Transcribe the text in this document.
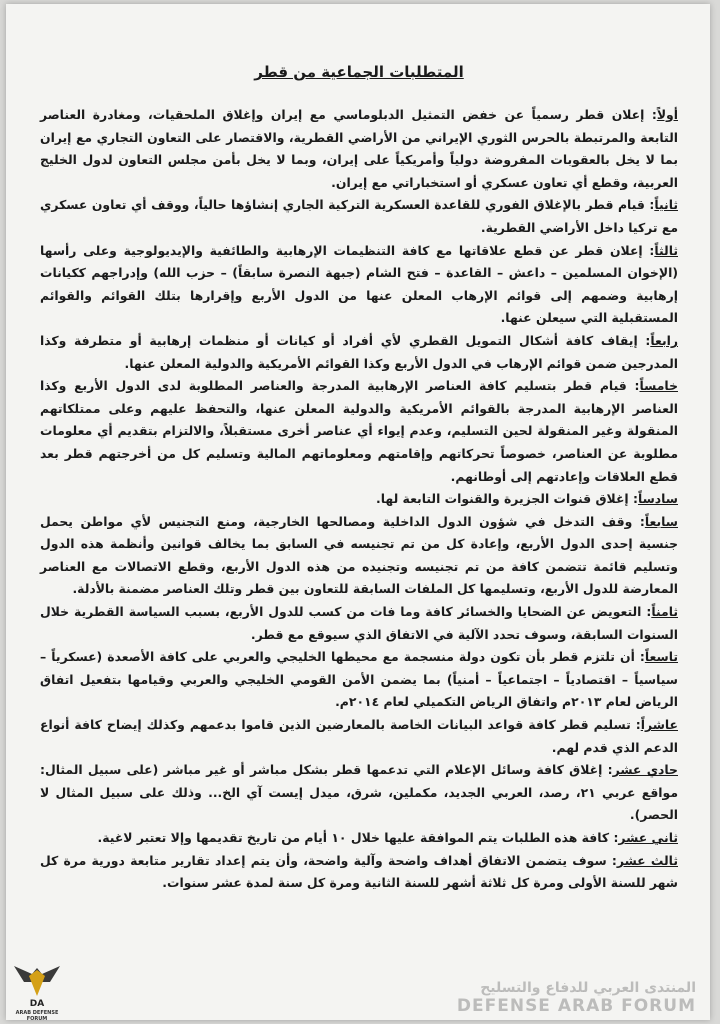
المتطلبات الجماعية من قطر

أولاً: إعلان قطر رسمياً عن خفض التمثيل الدبلوماسي مع إيران وإغلاق الملحقيات، ومغادرة العناصر التابعة والمرتبطة بالحرس الثوري الإيراني من الأراضي القطرية، والاقتصار على التعاون التجاري مع إيران بما لا يخل بالعقوبات المفروضة دولياً وأمريكياً على إيران، وبما لا يخل بأمن مجلس التعاون لدول الخليج العربية، وقطع أي تعاون عسكري أو استخباراتي مع إيران.

ثانياً: قيام قطر بالإغلاق الفوري للقاعدة العسكرية التركية الجاري إنشاؤها حالياً، ووقف أي تعاون عسكري مع تركيا داخل الأراضي القطرية.

ثالثاً: إعلان قطر عن قطع علاقاتها مع كافة التنظيمات الإرهابية والطائفية والإيديولوجية وعلى رأسها (الإخوان المسلمين – داعش – القاعدة – فتح الشام (جبهة النصرة سابقاً) – حزب الله) وإدراجهم ككيانات إرهابية وضمهم إلى قوائم الإرهاب المعلن عنها من الدول الأربع وإقرارها بتلك القوائم والقوائم المستقبلية التي سيعلن عنها.

رابعاً: إيقاف كافة أشكال التمويل القطري لأي أفراد أو كيانات أو منظمات إرهابية أو متطرفة وكذا المدرجين ضمن قوائم الإرهاب في الدول الأربع وكذا القوائم الأمريكية والدولية المعلن عنها.

خامساً: قيام قطر بتسليم كافة العناصر الإرهابية المدرجة والعناصر المطلوبة لدى الدول الأربع وكذا العناصر الإرهابية المدرجة بالقوائم الأمريكية والدولية المعلن عنها، والتحفظ عليهم وعلى ممتلكاتهم المنقولة وغير المنقولة لحين التسليم، وعدم إيواء أي عناصر أخرى مستقبلاً، والالتزام بتقديم أي معلومات مطلوبة عن العناصر، خصوصاً تحركاتهم وإقامتهم ومعلوماتهم المالية وتسليم كل من أخرجتهم قطر بعد قطع العلاقات وإعادتهم إلى أوطانهم.

سادساً: إغلاق قنوات الجزيرة والقنوات التابعة لها.

سابعاً: وقف التدخل في شؤون الدول الداخلية ومصالحها الخارجية، ومنع التجنيس لأي مواطن يحمل جنسية إحدى الدول الأربع، وإعادة كل من تم تجنيسه في السابق بما يخالف قوانين وأنظمة هذه الدول وتسليم قائمة تتضمن كافة من تم تجنيسه وتجنيده من هذه الدول الأربع، وقطع الاتصالات مع العناصر المعارضة للدول الأربع، وتسليمها كل الملفات السابقة للتعاون بين قطر وتلك العناصر مضمنة بالأدلة.

ثامناً: التعويض عن الضحايا والخسائر كافة وما فات من كسب للدول الأربع، بسبب السياسة القطرية خلال السنوات السابقة، وسوف تحدد الآلية في الاتفاق الذي سيوقع مع قطر.

تاسعاً: أن تلتزم قطر بأن تكون دولة منسجمة مع محيطها الخليجي والعربي على كافة الأصعدة (عسكرياً – سياسياً – اقتصادياً – اجتماعياً – أمنياً) بما يضمن الأمن القومي الخليجي والعربي وقيامها بتفعيل اتفاق الرياض لعام ٢٠١٣م واتفاق الرياض التكميلي لعام ٢٠١٤م.

عاشراً: تسليم قطر كافة قواعد البيانات الخاصة بالمعارضين الذين قاموا بدعمهم وكذلك إيضاح كافة أنواع الدعم الذي قدم لهم.

حادي عشر: إغلاق كافة وسائل الإعلام التي تدعمها قطر بشكل مباشر أو غير مباشر (على سبيل المثال: مواقع عربي ٢١، رصد، العربي الجديد، مكملين، شرق، ميدل إيست آي الخ... وذلك على سبيل المثال لا الحصر).

ثاني عشر: كافة هذه الطلبات يتم الموافقة عليها خلال ١٠ أيام من تاريخ تقديمها وإلا تعتبر لاغية.

ثالث عشر: سوف يتضمن الاتفاق أهداف واضحة وآلية واضحة، وأن يتم إعداد تقارير متابعة دورية مرة كل شهر للسنة الأولى ومرة كل ثلاثة أشهر للسنة الثانية ومرة كل سنة لمدة عشر سنوات.

DA
ARAB DEFENSE FORUM
المنتدى العربي للدفاع والتسليح
DEFENSE ARAB FORUM
